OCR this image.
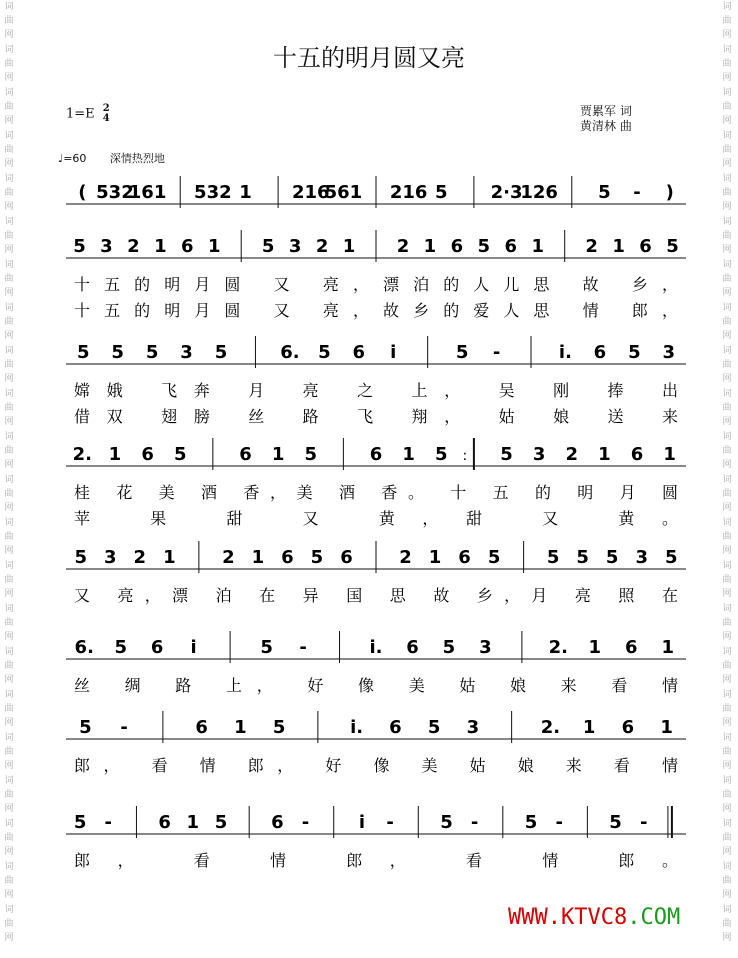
词
曲
网
词
曲
网
词
曲
网
词
曲
网
词
曲
网
词
曲
网
词
曲
网
词
曲
网
词
曲
网
词
曲
网
词
曲
网
词
曲
网
词
曲
网
词
曲
网
词
曲
网
词
曲
网
词
曲
网
词
曲
网
词
曲
网
词
曲
网
词
曲
网
词
曲
网
词
曲
网
词
曲
网
词
曲
网
词
曲
网
词
曲
网
词
曲
网
词
曲
网
词
曲
网
词
曲
网
词
曲
网
词
曲
网
词
曲
网
词
曲
网
词
曲
网
词
曲
网
词
曲
网
词
曲
网
词
曲
网
词
曲
网
词
曲
网
词
曲
网
词
曲
网
十五的明月圆又亮
1=E 2
4
贾累军 词
黄清林 曲
♩=60 深情热烈地
( 532
161 532 1 216
561 216 5 2·3
126 5 - )
5 3 2 1 6 1 5 3 2 1 2 1 6 5 6 1 2 1 6 5
十五的明月圆 又 亮，漂泊的人儿思 故 乡，
十五的明月圆 又 亮，故乡的爱人思 情 郎，
5 5 5 3 5	6. 5 6 i	5 -	i. 6 5 3
嫦娥 飞奔 月 亮 之 上， 吴 刚 捧 出
借双 翅膀 丝 路 飞 翔， 姑 娘 送 来
2. 1 6 5	6 1 5	6 1 5 : 5 3 2 1 6 1
桂 花 美 酒 香，美 酒 香。 十 五 的 明 月 圆
苹 果 甜 又 黄，甜 又 黄。
5 3 2 1	2 1 6 5 6	2 1 6 5	5 5 5 3 5
又 亮，漂 泊 在 异 国 思 故 乡，月 亮 照 在
6. 5 6 i	5 -	i. 6 5 3	2. 1 6 1
丝 绸 路 上， 好 像 美 姑 娘 来 看 情
5 -	6 1 5	i. 6 5 3	2. 1 6 1
郎， 看 情 郎， 好 像 美 姑 娘 来 看 情
5 -	6 1 5 6 -	i -	5 -	5 -	5 -
郎， 看 情 郎， 看 情 郎。
WWW.KTVC8.COM
